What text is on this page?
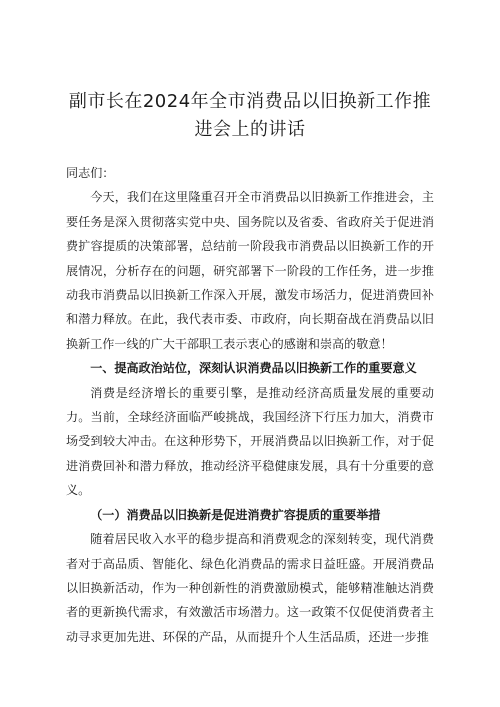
副市长在2024年全市消费品以旧换新工作推
进会上的讲话

同志们：

今天，我们在这里隆重召开全市消费品以旧换新工作推进会，主要任务是深入贯彻落实党中央、国务院以及省委、省政府关于促进消费扩容提质的决策部署，总结前一阶段我市消费品以旧换新工作的开展情况，分析存在的问题，研究部署下一阶段的工作任务，进一步推动我市消费品以旧换新工作深入开展，激发市场活力，促进消费回补和潜力释放。在此，我代表市委、市政府，向长期奋战在消费品以旧换新工作一线的广大干部职工表示衷心的感谢和崇高的敬意！

一、提高政治站位，深刻认识消费品以旧换新工作的重要意义

消费是经济增长的重要引擎，是推动经济高质量发展的重要动力。当前，全球经济面临严峻挑战，我国经济下行压力加大，消费市场受到较大冲击。在这种形势下，开展消费品以旧换新工作，对于促进消费回补和潜力释放，推动经济平稳健康发展，具有十分重要的意义。

（一）消费品以旧换新是促进消费扩容提质的重要举措

随着居民收入水平的稳步提高和消费观念的深刻转变，现代消费者对于高品质、智能化、绿色化消费品的需求日益旺盛。开展消费品以旧换新活动，作为一种创新性的消费激励模式，能够精准触达消费者的更新换代需求，有效激活市场潜力。这一政策不仅促使消费者主动寻求更加先进、环保的产品，从而提升个人生活品质，还进一步推
